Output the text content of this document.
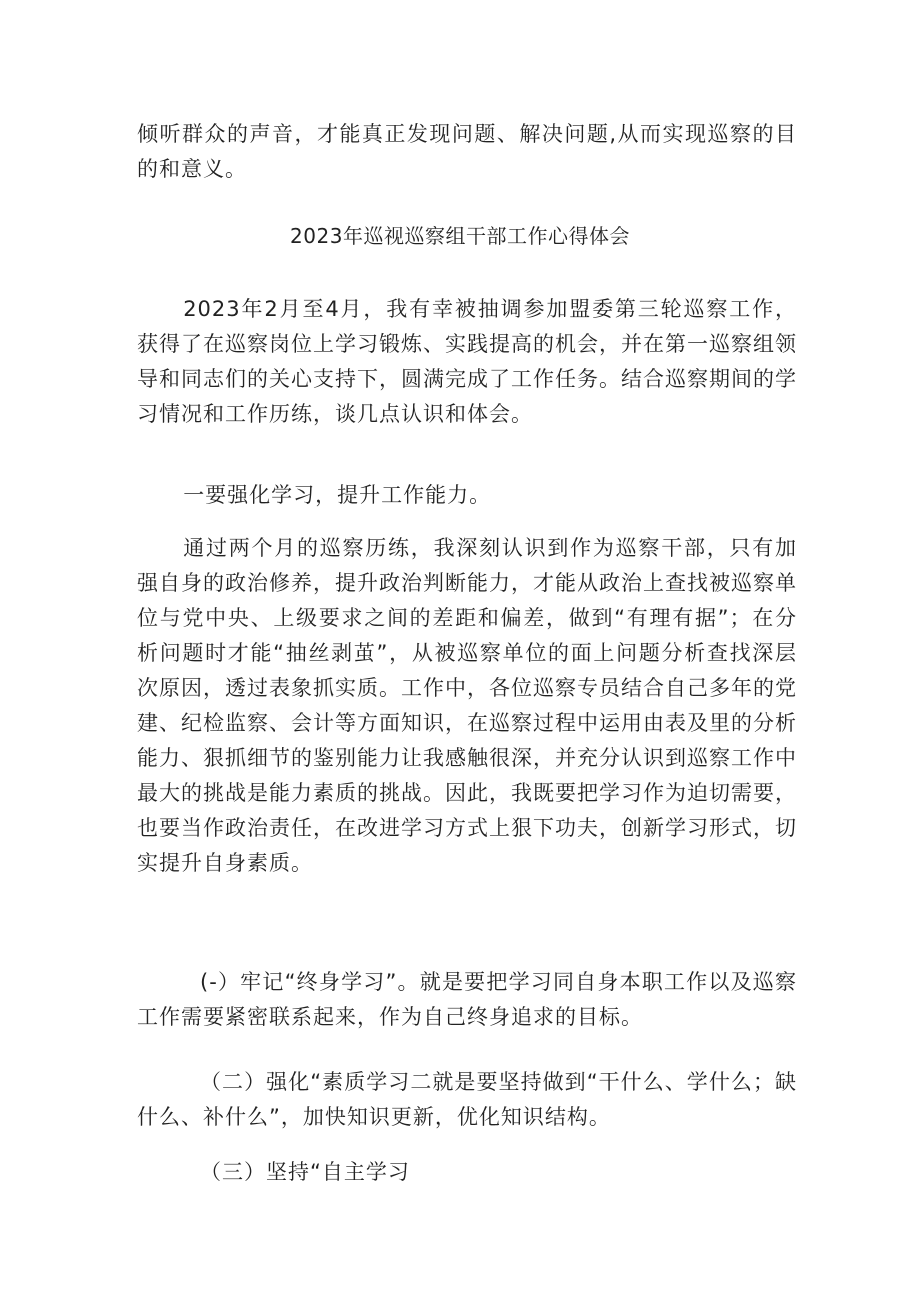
倾听群众的声音，才能真正发现问题、解决问题,从而实现巡察的目的和意义。

2023年巡视巡察组干部工作心得体会

2023年2月至4月，我有幸被抽调参加盟委第三轮巡察工作，获得了在巡察岗位上学习锻炼、实践提高的机会，并在第一巡察组领导和同志们的关心支持下，圆满完成了工作任务。结合巡察期间的学习情况和工作历练，谈几点认识和体会。

一要强化学习，提升工作能力。

通过两个月的巡察历练，我深刻认识到作为巡察干部，只有加强自身的政治修养，提升政治判断能力，才能从政治上查找被巡察单位与党中央、上级要求之间的差距和偏差，做到“有理有据”；在分析问题时才能“抽丝剥茧”，从被巡察单位的面上问题分析查找深层次原因，透过表象抓实质。工作中，各位巡察专员结合自己多年的党建、纪检监察、会计等方面知识，在巡察过程中运用由表及里的分析能力、狠抓细节的鉴别能力让我感触很深，并充分认识到巡察工作中最大的挑战是能力素质的挑战。因此，我既要把学习作为迫切需要，也要当作政治责任，在改进学习方式上狠下功夫，创新学习形式，切实提升自身素质。

(-）牢记“终身学习”。就是要把学习同自身本职工作以及巡察工作需要紧密联系起来，作为自己终身追求的目标。

（二）强化“素质学习二就是要坚持做到“干什么、学什么；缺什么、补什么”，加快知识更新，优化知识结构。

（三）坚持“自主学习
